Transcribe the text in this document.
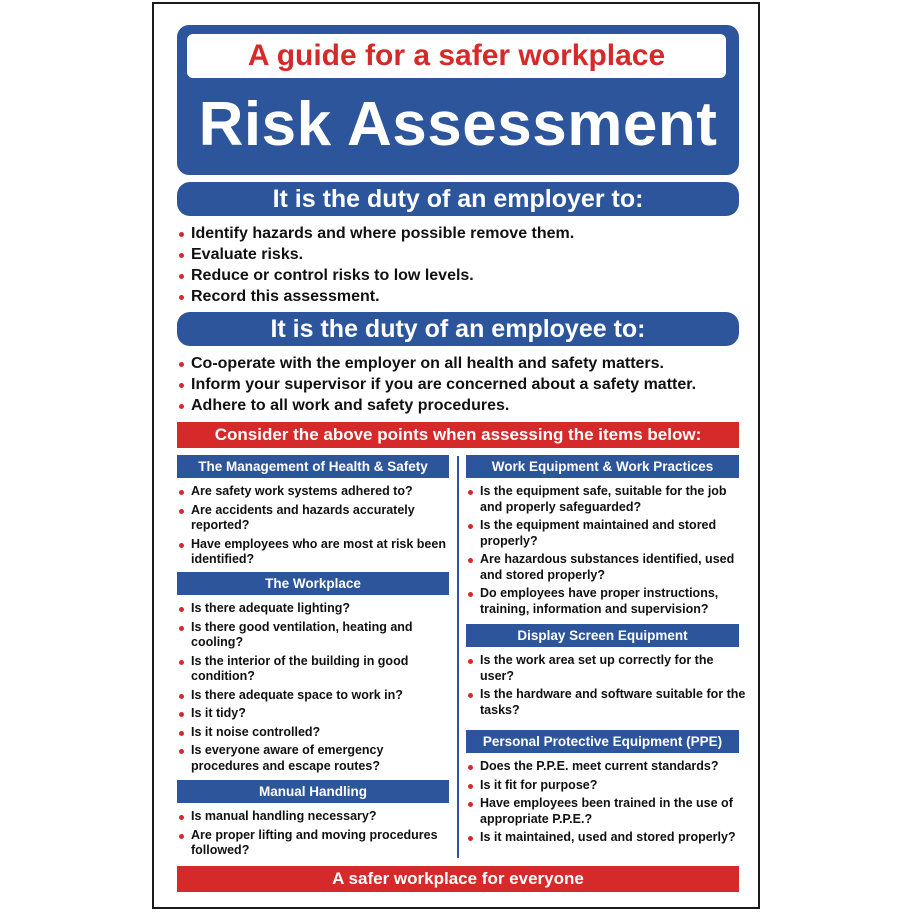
A guide for a safer workplace
Risk Assessment
It is the duty of an employer to:
Identify hazards and where possible remove them.
Evaluate risks.
Reduce or control risks to low levels.
Record this assessment.
It is the duty of an employee to:
Co-operate with the employer on all health and safety matters.
Inform your supervisor if you are concerned about a safety matter.
Adhere to all work and safety procedures.
Consider the above points when assessing the items below:
The Management of Health & Safety
Are safety work systems adhered to?
Are accidents and hazards accurately reported?
Have employees who are most at risk been identified?
The Workplace
Is there adequate lighting?
Is there good ventilation, heating and cooling?
Is the interior of the building in good condition?
Is there adequate space to work in?
Is it tidy?
Is it noise controlled?
Is everyone aware of emergency procedures and escape routes?
Manual Handling
Is manual handling necessary?
Are proper lifting and moving procedures followed?
Work Equipment & Work Practices
Is the equipment safe, suitable for the job and properly safeguarded?
Is the equipment maintained and stored properly?
Are hazardous substances identified, used and stored properly?
Do employees have proper instructions, training, information and supervision?
Display Screen Equipment
Is the work area set up correctly for the user?
Is the hardware and software suitable for the tasks?
Personal Protective Equipment (PPE)
Does the P.P.E. meet current standards?
Is it fit for purpose?
Have employees been trained in the use of appropriate P.P.E.?
Is it maintained, used and stored properly?
A safer workplace for everyone
